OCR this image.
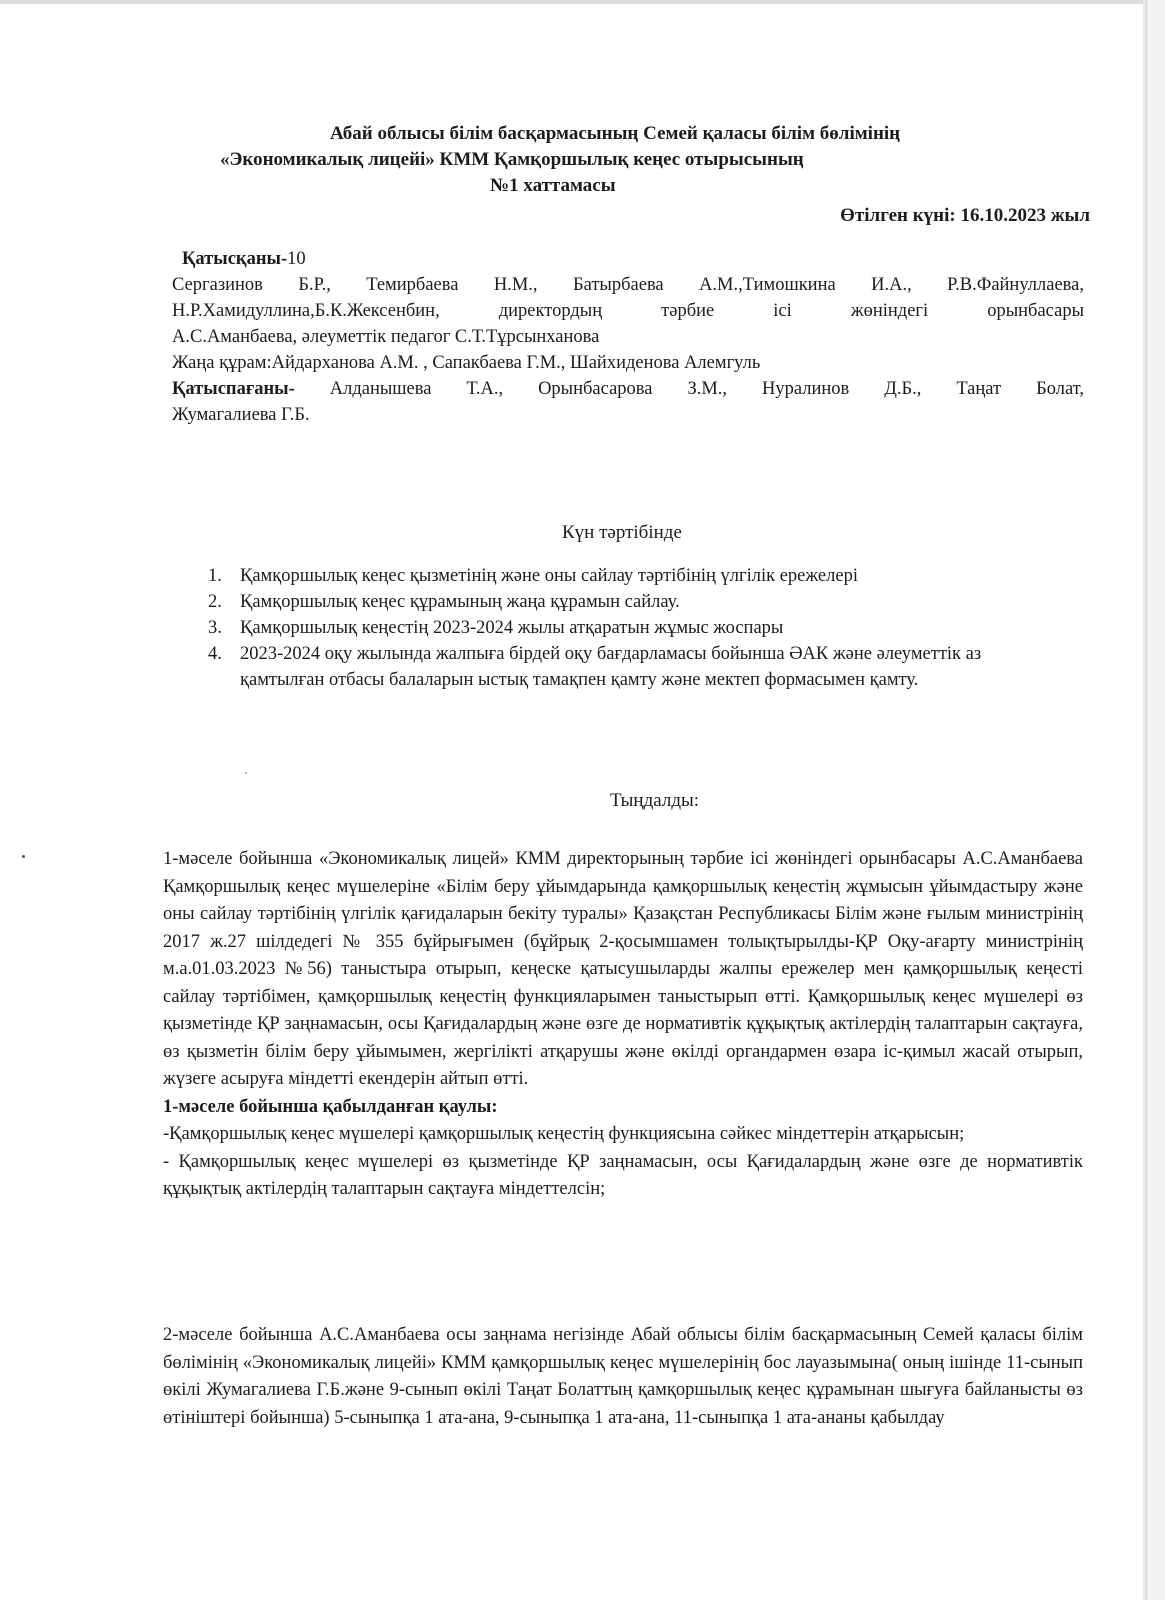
Абай облысы білім басқармасының Семей қаласы білім бөлімінің
«Экономикалық лицейі» КММ Қамқоршылық кеңес отырысының
№1 хаттамасы
Өтілген күні: 16.10.2023 жыл

Қатысқаны-10

Сергазинов Б.Р., Темирбаева Н.М., Батырбаева А.М.,Тимошкина И.А., Р.В.Файнуллаева,

Н.Р.Хамидуллина,Б.К.Жексенбин, директордың тәрбие ісі жөніндегі орынбасары

А.С.Аманбаева, әлеуметтік педагог С.Т.Тұрсынханова

Жаңа құрам:Айдарханова А.М. , Сапакбаева Г.М., Шайхиденова Алемгуль

Қатыспағаны- Алданышева Т.А., Орынбасарова З.М., Нуралинов Д.Б., Таңат Болат,

Жумагалиева Г.Б.

Күн тәртібінде
1. Қамқоршылық кеңес қызметінің және оны сайлау тәртібінің үлгілік ережелері
2. Қамқоршылық кеңес құрамының жаңа құрамын сайлау.
3. Қамқоршылық кеңестің 2023-2024 жылы атқаратын жұмыс жоспары
4. 2023-2024 оқу жылында жалпыға бірдей оқу бағдарламасы бойынша ӘАК және әлеуметтік аз қамтылған отбасы балаларын ыстық тамақпен қамту және мектеп формасымен қамту.
Тыңдалды:

1-мәселе бойынша «Экономикалық лицей» КММ директорының тәрбие ісі жөніндегі орынбасары А.С.Аманбаева Қамқоршылық кеңес мүшелеріне «Білім беру ұйымдарында қамқоршылық кеңестің жұмысын ұйымдастыру және оны сайлау тәртібінің үлгілік қағидаларын бекіту туралы» Қазақстан Республикасы Білім және ғылым министрінің 2017 ж.27 шілдедегі № 355 бұйрығымен (бұйрық 2-қосымшамен толықтырылды-ҚР Оқу-ағарту министрінің м.а.01.03.2023 №56) таныстыра отырып, кеңеске қатысушыларды жалпы ережелер мен қамқоршылық кеңесті сайлау тәртібімен, қамқоршылық кеңестің функцияларымен таныстырып өтті. Қамқоршылық кеңес мүшелері өз қызметінде ҚР заңнамасын, осы Қағидалардың және өзге де нормативтік құқықтық актілердің талаптарын сақтауға, өз қызметін білім беру ұйымымен, жергілікті атқарушы және өкілді органдармен өзара іс-қимыл жасай отырып, жүзеге асыруға міндетті екендерін айтып өтті.

1-мәселе бойынша қабылданған қаулы:

-Қамқоршылық кеңес мүшелері қамқоршылық кеңестің функциясына сәйкес міндеттерін атқарысын;

- Қамқоршылық кеңес мүшелері өз қызметінде ҚР заңнамасын, осы Қағидалардың және өзге де нормативтік құқықтық актілердің талаптарын сақтауға міндеттелсін;

2-мәселе бойынша А.С.Аманбаева осы заңнама негізінде Абай облысы білім басқармасының Семей қаласы білім бөлімінің «Экономикалық лицейі» КММ қамқоршылық кеңес мүшелерінің бос лауазымына( оның ішінде 11-сынып өкілі Жумагалиева Г.Б.және 9-сынып өкілі Таңат Болаттың қамқоршылық кеңес құрамынан шығуға байланысты өз өтініштері бойынша) 5-сыныпқа 1 ата-ана, 9-сыныпқа 1 ата-ана, 11-сыныпқа 1 ата-ананы қабылдау
